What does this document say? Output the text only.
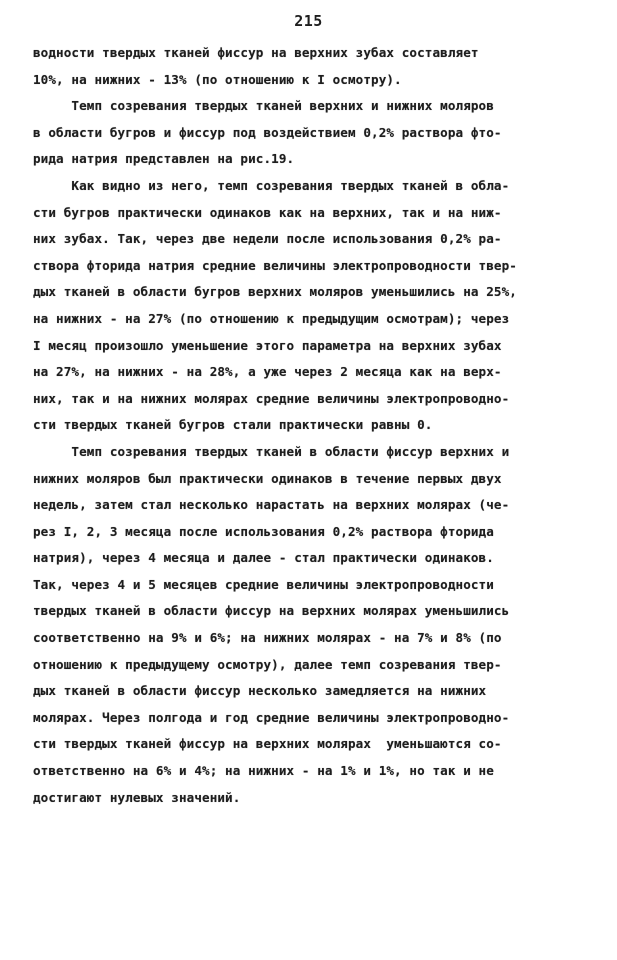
215
водности твердых тканей фиссур на верхних зубах составляет
10%, на нижних - 13% (по отношению к I осмотру).
Темп созревания твердых тканей верхних и нижних моляров
в области бугров и фиссур под воздействием 0,2% раствора фто-
рида натрия представлен на рис.19.
Как видно из него, темп созревания твердых тканей в обла-
сти бугров практически одинаков как на верхних, так и на ниж-
них зубах. Так, через две недели после использования 0,2% ра-
створа фторида натрия средние величины электропроводности твер-
дых тканей в области бугров верхних моляров уменьшились на 25%,
на нижних - на 27% (по отношению к предыдущим осмотрам); через
I месяц произошло уменьшение этого параметра на верхних зубах
на 27%, на нижних - на 28%, а уже через 2 месяца как на верх-
них, так и на нижних молярах средние величины электропроводно-
сти твердых тканей бугров стали практически равны 0.
Темп созревания твердых тканей в области фиссур верхних и
нижних моляров был практически одинаков в течение первых двух
недель, затем стал несколько нарастать на верхних молярах (че-
рез I, 2, 3 месяца после использования 0,2% раствора фторида
натрия), через 4 месяца и далее - стал практически одинаков.
Так, через 4 и 5 месяцев средние величины электропроводности
твердых тканей в области фиссур на верхних молярах уменьшились
соответственно на 9% и 6%; на нижних молярах - на 7% и 8% (по
отношению к предыдущему осмотру), далее темп созревания твер-
дых тканей в области фиссур несколько замедляется на нижних
молярах. Через полгода и год средние величины электропроводно-
сти твердых тканей фиссур на верхних молярах  уменьшаются со-
ответственно на 6% и 4%; на нижних - на 1% и 1%, но так и не
достигают нулевых значений.
